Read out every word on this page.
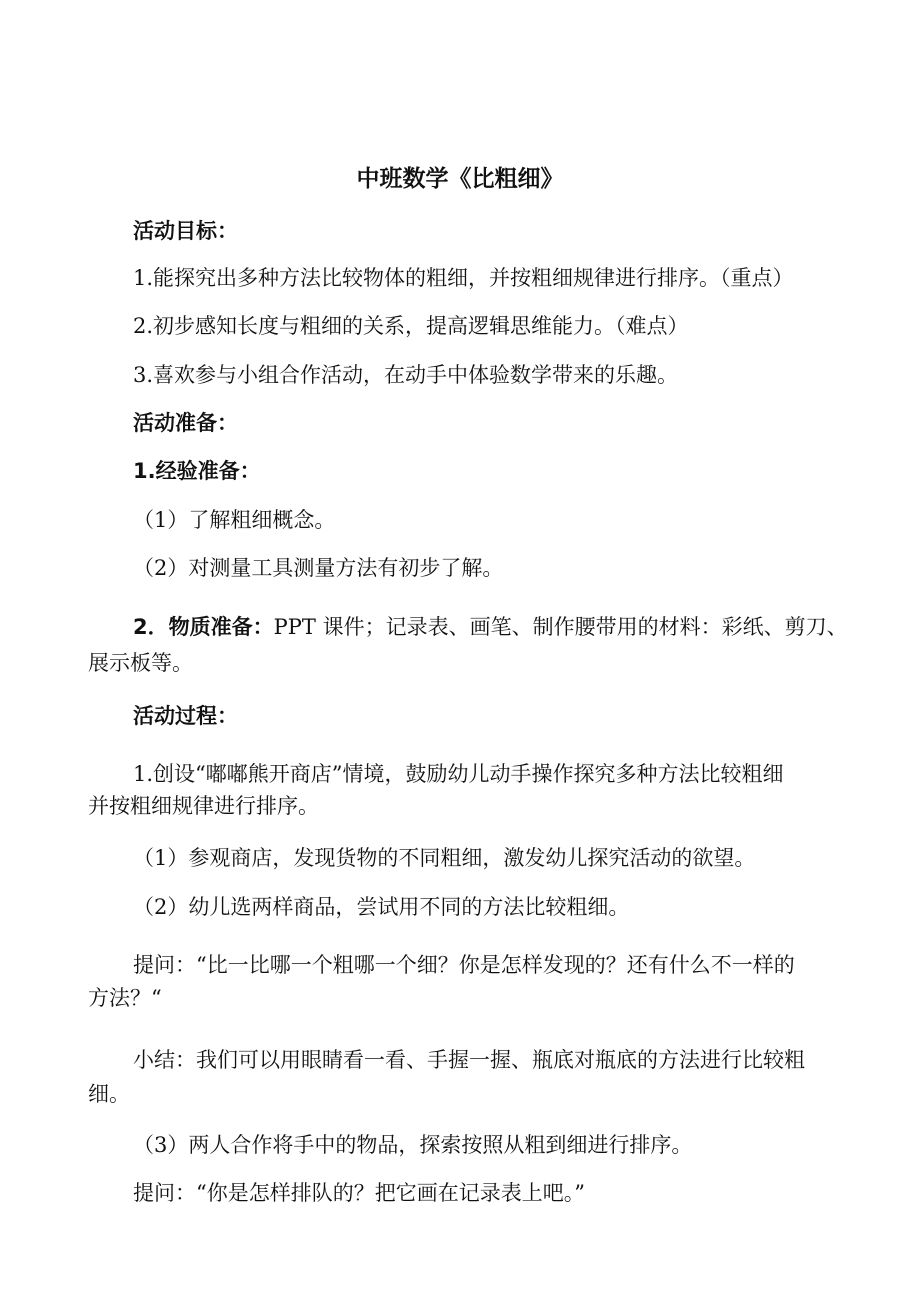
中班数学《比粗细》
活动目标：
1.能探究出多种方法比较物体的粗细，并按粗细规律进行排序。（重点）
2.初步感知长度与粗细的关系，提高逻辑思维能力。（难点）
3.喜欢参与小组合作活动，在动手中体验数学带来的乐趣。
活动准备：
1.经验准备：
（1）了解粗细概念。
（2）对测量工具测量方法有初步了解。
2．物质准备：PPT 课件；记录表、画笔、制作腰带用的材料：彩纸、剪刀、
展示板等。
活动过程：
1.创设“嘟嘟熊开商店”情境，鼓励幼儿动手操作探究多种方法比较粗细
并按粗细规律进行排序。
（1）参观商店，发现货物的不同粗细，激发幼儿探究活动的欲望。
（2）幼儿选两样商品，尝试用不同的方法比较粗细。
提问：“比一比哪一个粗哪一个细？你是怎样发现的？还有什么不一样的
方法？“
小结：我们可以用眼睛看一看、手握一握、瓶底对瓶底的方法进行比较粗
细。
（3）两人合作将手中的物品，探索按照从粗到细进行排序。
提问：“你是怎样排队的？把它画在记录表上吧。”
